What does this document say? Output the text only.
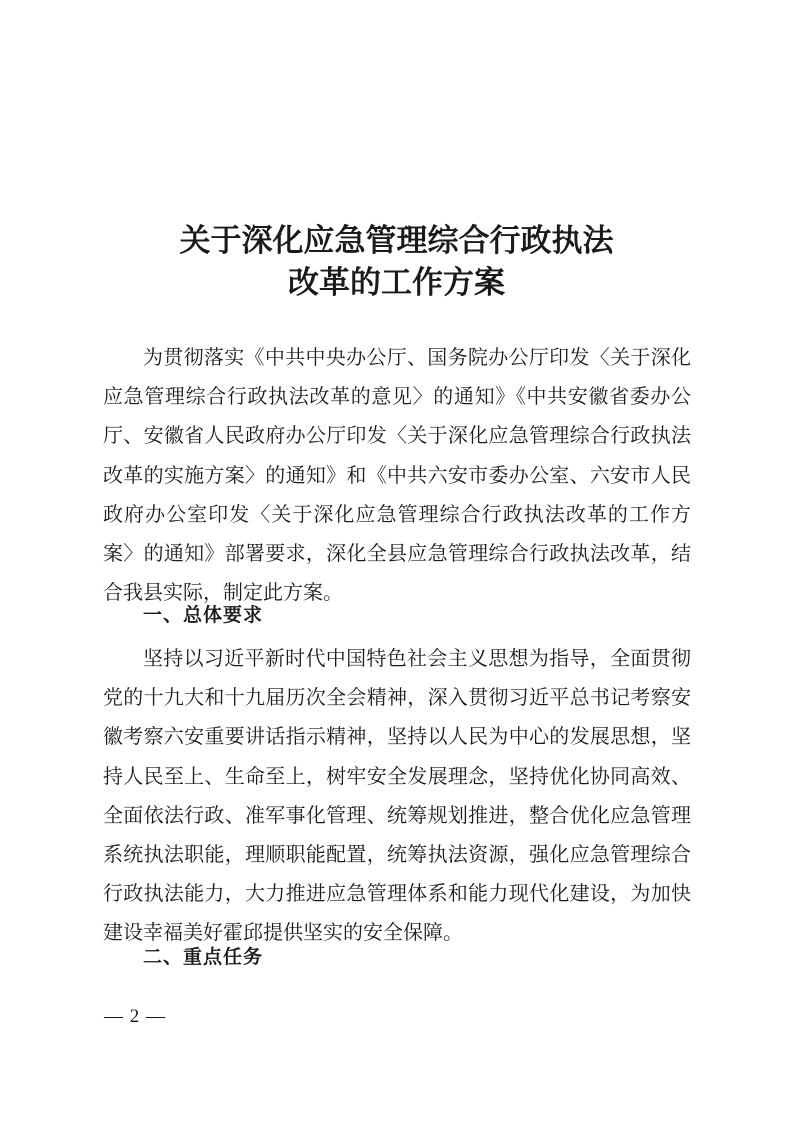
关于深化应急管理综合行政执法
改革的工作方案

为贯彻落实《中共中央办公厅、国务院办公厅印发〈关于深化应急管理综合行政执法改革的意见〉的通知》《中共安徽省委办公厅、安徽省人民政府办公厅印发〈关于深化应急管理综合行政执法改革的实施方案〉的通知》和《中共六安市委办公室、六安市人民政府办公室印发〈关于深化应急管理综合行政执法改革的工作方案〉的通知》部署要求，深化全县应急管理综合行政执法改革，结合我县实际，制定此方案。

一、总体要求

坚持以习近平新时代中国特色社会主义思想为指导，全面贯彻党的十九大和十九届历次全会精神，深入贯彻习近平总书记考察安徽考察六安重要讲话指示精神，坚持以人民为中心的发展思想，坚持人民至上、生命至上，树牢安全发展理念，坚持优化协同高效、全面依法行政、准军事化管理、统筹规划推进，整合优化应急管理系统执法职能，理顺职能配置，统筹执法资源，强化应急管理综合行政执法能力，大力推进应急管理体系和能力现代化建设，为加快建设幸福美好霍邱提供坚实的安全保障。

二、重点任务
— 2 —
